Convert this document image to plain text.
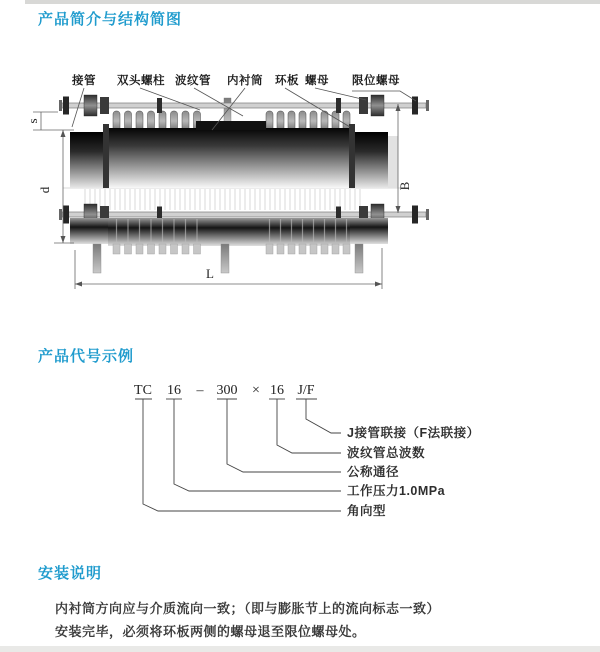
产品简介与结构简图
产品代号示例
安装说明
内衬筒方向应与介质流向一致；（即与膨胀节上的流向标志一致）
安装完毕，必须将环板两侧的螺母退至限位螺母处。
s
d	B
L
接管 双头螺柱 波纹管 内衬筒 环板 螺母 限位螺母
TC 16 – 300 × 16 J/F
J接管联接（F法联接）
波纹管总波数
公称通径
工作压力1.0MPa
角向型
